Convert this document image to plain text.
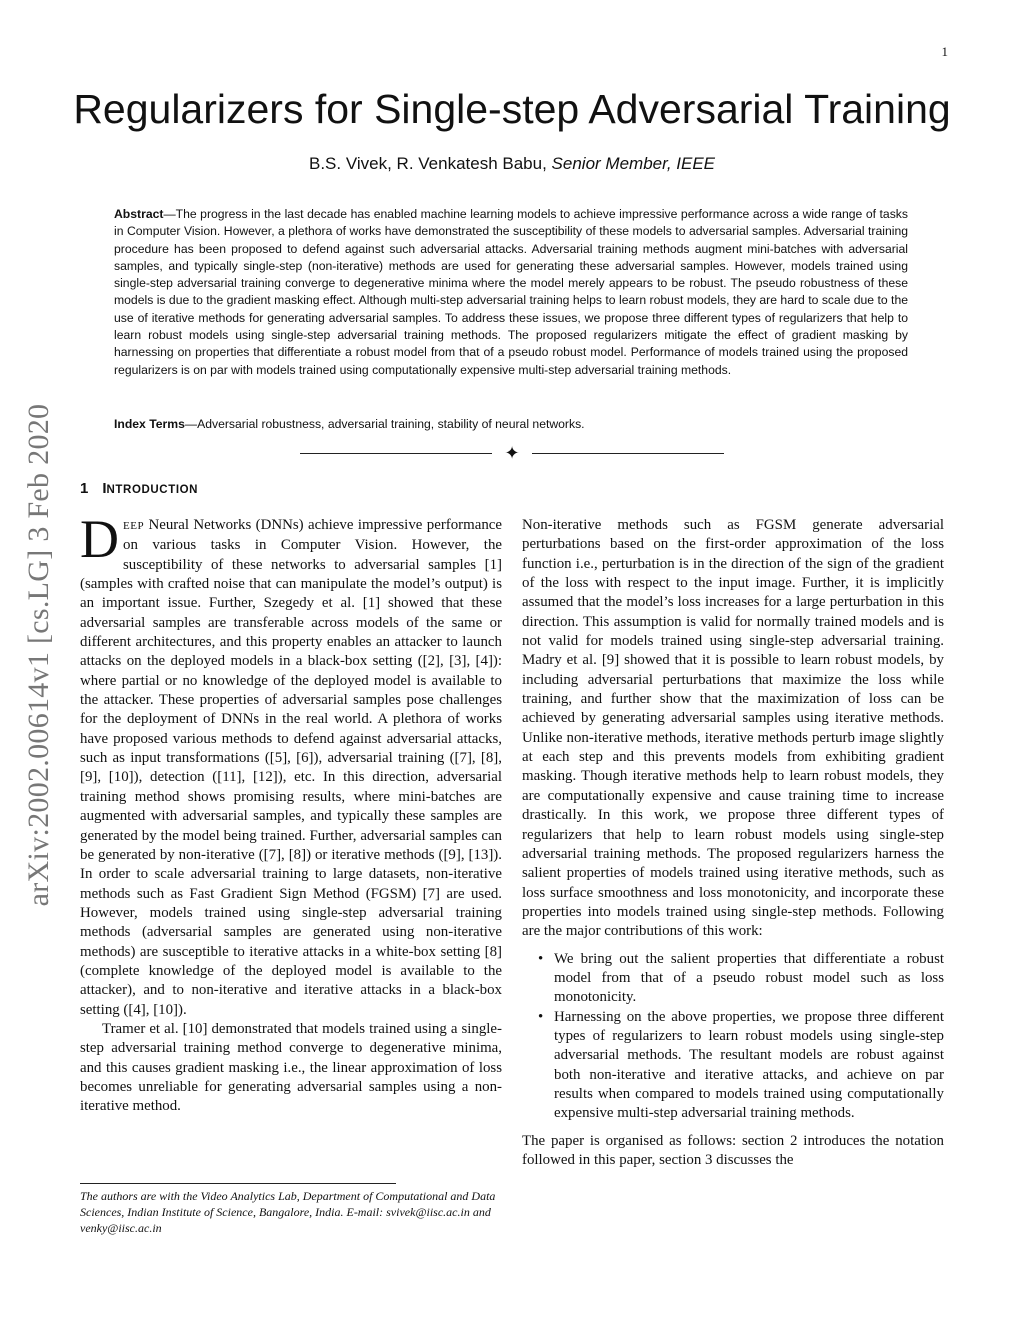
1
arXiv:2002.00614v1 [cs.LG] 3 Feb 2020
Regularizers for Single-step Adversarial Training
B.S. Vivek, R. Venkatesh Babu, Senior Member, IEEE
Abstract—The progress in the last decade has enabled machine learning models to achieve impressive performance across a wide range of tasks in Computer Vision. However, a plethora of works have demonstrated the susceptibility of these models to adversarial samples. Adversarial training procedure has been proposed to defend against such adversarial attacks. Adversarial training methods augment mini-batches with adversarial samples, and typically single-step (non-iterative) methods are used for generating these adversarial samples. However, models trained using single-step adversarial training converge to degenerative minima where the model merely appears to be robust. The pseudo robustness of these models is due to the gradient masking effect. Although multi-step adversarial training helps to learn robust models, they are hard to scale due to the use of iterative methods for generating adversarial samples. To address these issues, we propose three different types of regularizers that help to learn robust models using single-step adversarial training methods. The proposed regularizers mitigate the effect of gradient masking by harnessing on properties that differentiate a robust model from that of a pseudo robust model. Performance of models trained using the proposed regularizers is on par with models trained using computationally expensive multi-step adversarial training methods.
Index Terms—Adversarial robustness, adversarial training, stability of neural networks.
✦
1 INTRODUCTION

DEEP Neural Networks (DNNs) achieve impressive performance on various tasks in Computer Vision. However, the susceptibility of these networks to adversarial samples [1] (samples with crafted noise that can manipulate the model’s output) is an important issue. Further, Szegedy et al. [1] showed that these adversarial samples are transferable across models of the same or different architectures, and this property enables an attacker to launch attacks on the deployed models in a black-box setting ([2], [3], [4]): where partial or no knowledge of the deployed model is available to the attacker. These properties of adversarial samples pose challenges for the deployment of DNNs in the real world. A plethora of works have proposed various methods to defend against adversarial attacks, such as input transformations ([5], [6]), adversarial training ([7], [8], [9], [10]), detection ([11], [12]), etc. In this direction, adversarial training method shows promising results, where mini-batches are augmented with adversarial samples, and typically these samples are generated by the model being trained. Further, adversarial samples can be generated by non-iterative ([7], [8]) or iterative methods ([9], [13]). In order to scale adversarial training to large datasets, non-iterative methods such as Fast Gradient Sign Method (FGSM) [7] are used. However, models trained using single-step adversarial training methods (adversarial samples are generated using non-iterative methods) are susceptible to iterative attacks in a white-box setting [8] (complete knowledge of the deployed model is available to the attacker), and to non-iterative and iterative attacks in a black-box setting ([4], [10]).

Tramer et al. [10] demonstrated that models trained using a single-step adversarial training method converge to degenerative minima, and this causes gradient masking i.e., the linear approximation of loss becomes unreliable for generating adversarial samples using a non-iterative method.

The authors are with the Video Analytics Lab, Department of Computational and Data Sciences, Indian Institute of Science, Bangalore, India. E-mail: svivek@iisc.ac.in and venky@iisc.ac.in

Non-iterative methods such as FGSM generate adversarial perturbations based on the first-order approximation of the loss function i.e., perturbation is in the direction of the sign of the gradient of the loss with respect to the input image. Further, it is implicitly assumed that the model’s loss increases for a large perturbation in this direction. This assumption is valid for normally trained models and is not valid for models trained using single-step adversarial training. Madry et al. [9] showed that it is possible to learn robust models, by including adversarial perturbations that maximize the loss while training, and further show that the maximization of loss can be achieved by generating adversarial samples using iterative methods. Unlike non-iterative methods, iterative methods perturb image slightly at each step and this prevents models from exhibiting gradient masking. Though iterative methods help to learn robust models, they are computationally expensive and cause training time to increase drastically. In this work, we propose three different types of regularizers that help to learn robust models using single-step adversarial training methods. The proposed regularizers harness the salient properties of models trained using iterative methods, such as loss surface smoothness and loss monotonicity, and incorporate these properties into models trained using single-step methods. Following are the major contributions of this work:

• We bring out the salient properties that differentiate a robust model from that of a pseudo robust model such as loss monotonicity.
• Harnessing on the above properties, we propose three different types of regularizers to learn robust models using single-step adversarial methods. The resultant models are robust against both non-iterative and iterative attacks, and achieve on par results when compared to models trained using computationally expensive multi-step adversarial training methods.

The paper is organised as follows: section 2 introduces the notation followed in this paper, section 3 discusses the
